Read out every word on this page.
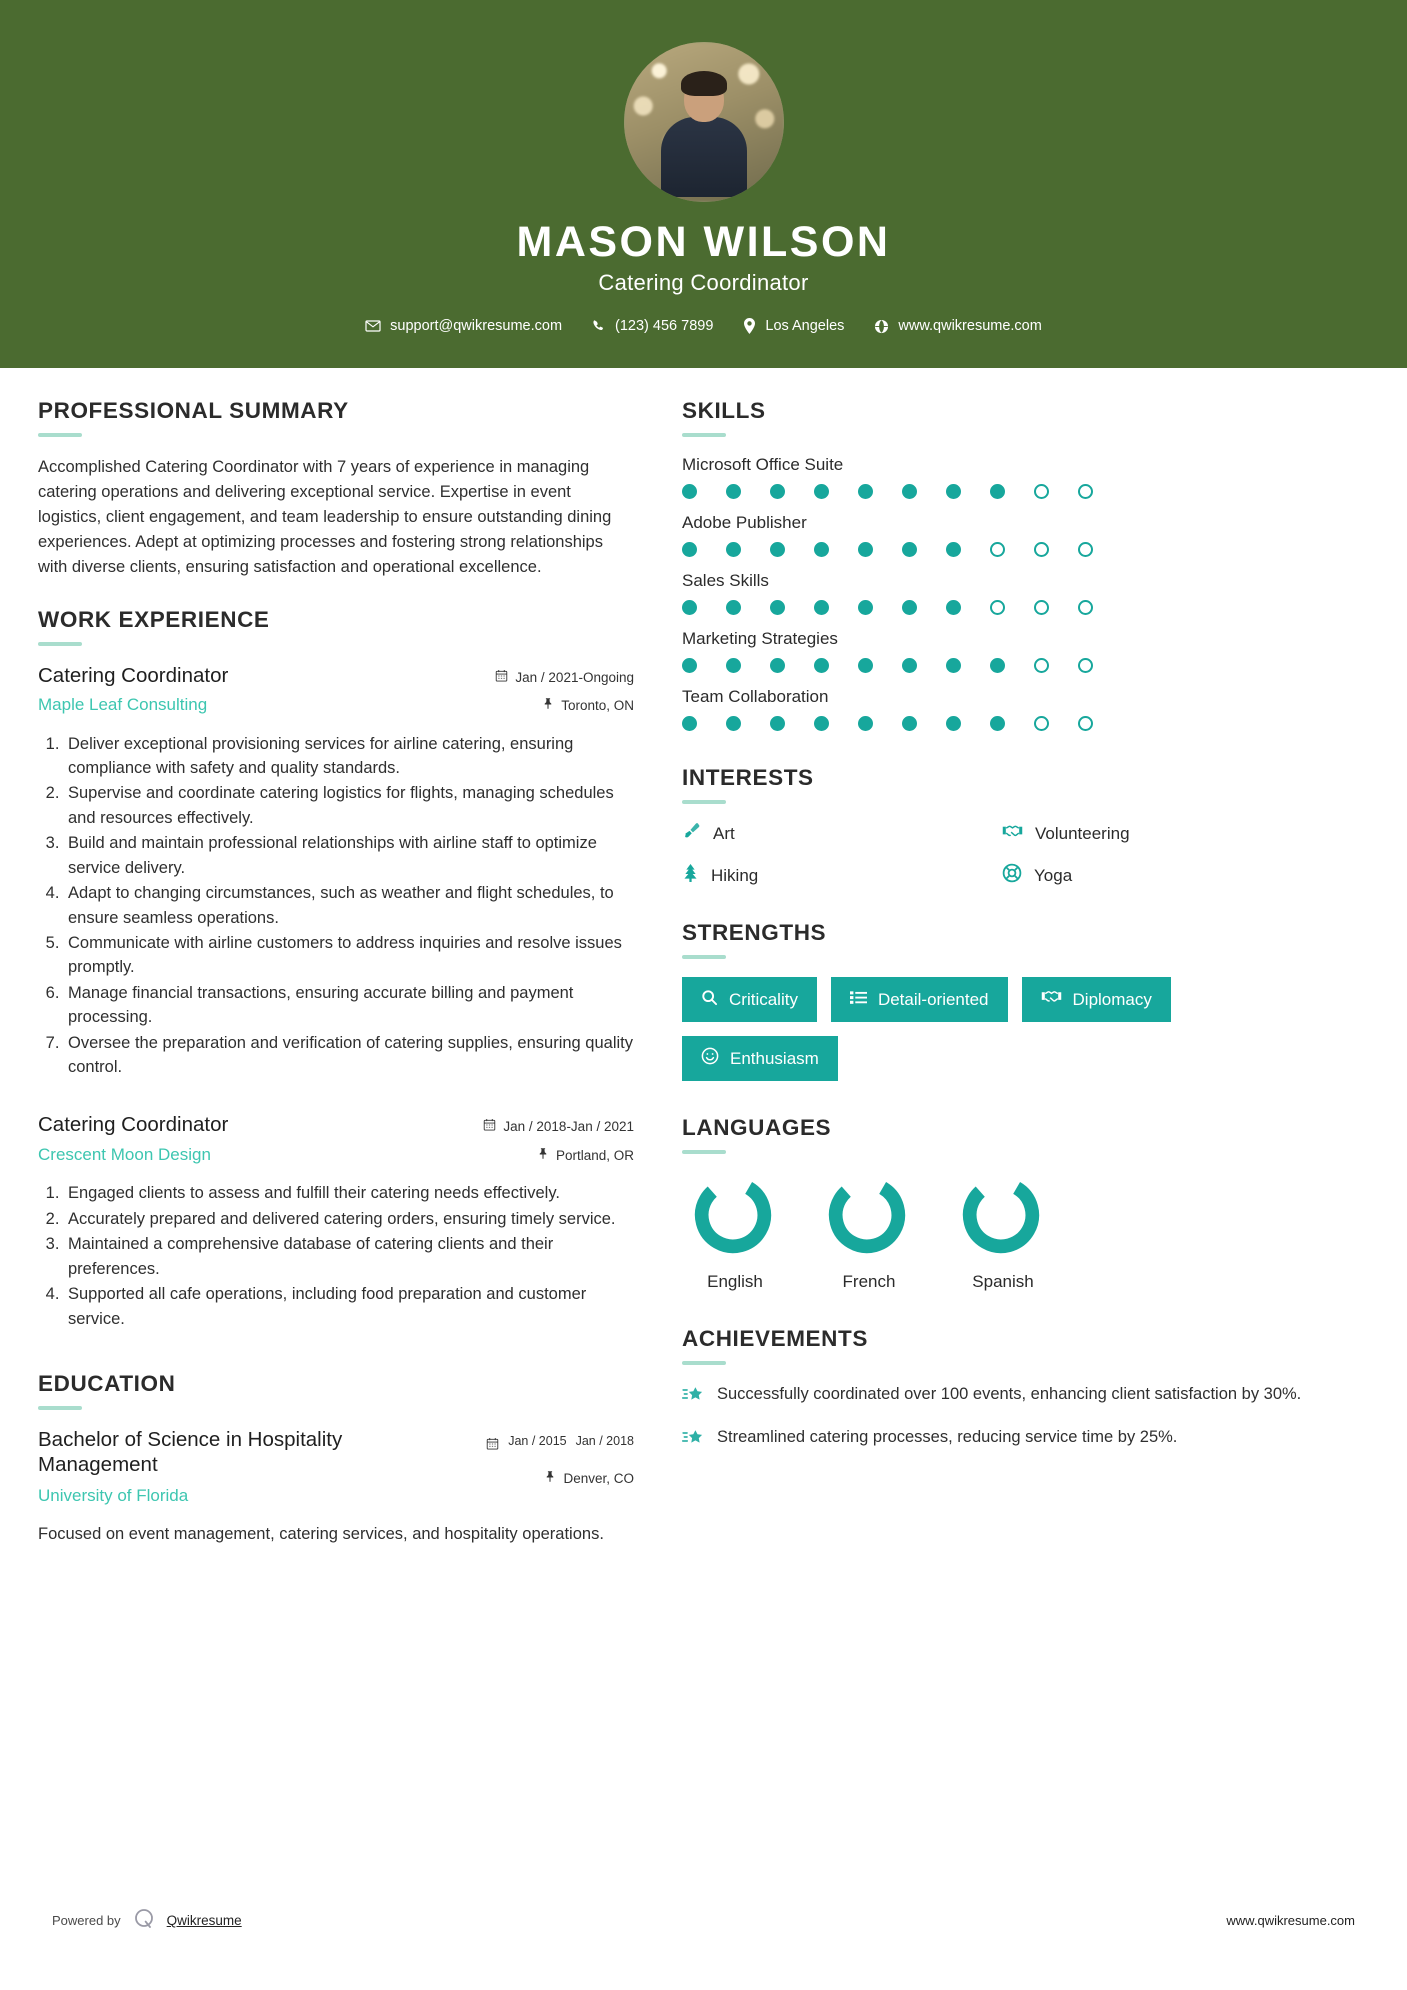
MASON WILSON
Catering Coordinator
support@qwikresume.com	(123) 456 7899	Los Angeles	www.qwikresume.com
PROFESSIONAL SUMMARY
Accomplished Catering Coordinator with 7 years of experience in managing catering operations and delivering exceptional service. Expertise in event logistics, client engagement, and team leadership to ensure outstanding dining experiences. Adept at optimizing processes and fostering strong relationships with diverse clients, ensuring satisfaction and operational excellence.
WORK EXPERIENCE
Catering Coordinator
Maple Leaf Consulting
Jan / 2021-Ongoing
Toronto, ON
1. Deliver exceptional provisioning services for airline catering, ensuring compliance with safety and quality standards.
2. Supervise and coordinate catering logistics for flights, managing schedules and resources effectively.
3. Build and maintain professional relationships with airline staff to optimize service delivery.
4. Adapt to changing circumstances, such as weather and flight schedules, to ensure seamless operations.
5. Communicate with airline customers to address inquiries and resolve issues promptly.
6. Manage financial transactions, ensuring accurate billing and payment processing.
7. Oversee the preparation and verification of catering supplies, ensuring quality control.
Catering Coordinator
Crescent Moon Design
Jan / 2018-Jan / 2021
Portland, OR
1. Engaged clients to assess and fulfill their catering needs effectively.
2. Accurately prepared and delivered catering orders, ensuring timely service.
3. Maintained a comprehensive database of catering clients and their preferences.
4. Supported all cafe operations, including food preparation and customer service.
EDUCATION
Bachelor of Science in Hospitality Management
University of Florida
Jan / 2015 Jan / 2018
Denver, CO
Focused on event management, catering services, and hospitality operations.
SKILLS
Microsoft Office Suite
Adobe Publisher
Sales Skills
Marketing Strategies
Team Collaboration
INTERESTS
Art	Volunteering
Hiking	Yoga
STRENGTHS
Criticality	Detail-oriented	Diplomacy
Enthusiasm
LANGUAGES
English	French	Spanish
ACHIEVEMENTS
Successfully coordinated over 100 events, enhancing client satisfaction by 30%.
Streamlined catering processes, reducing service time by 25%.
Powered by	Qwikresume	www.qwikresume.com
